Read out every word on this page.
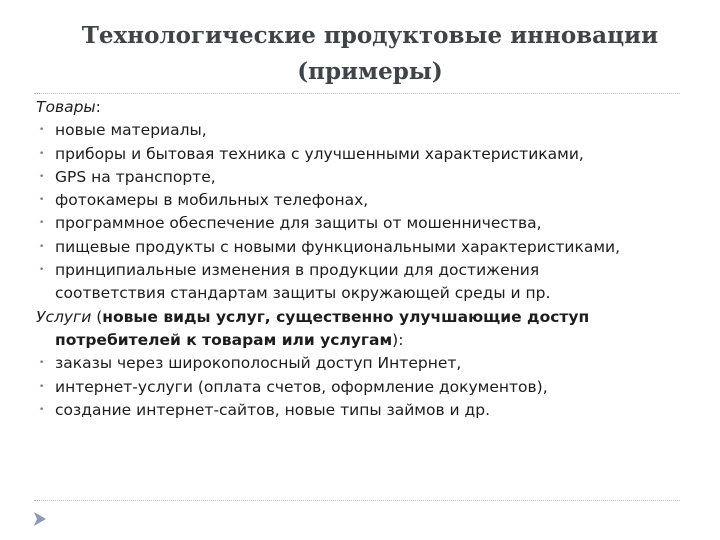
Технологические продуктовые инновации
(примеры)
Товары:
• новые материалы,
• приборы и бытовая техника с улучшенными характеристиками,
• GPS на транспорте,
• фотокамеры в мобильных телефонах,
• программное обеспечение для защиты от мошенничества,
• пищевые продукты с новыми функциональными характеристиками,
• принципиальные изменения в продукции для достижения
соответствия стандартам защиты окружающей среды и пр.
Услуги (новые виды услуг, существенно улучшающие доступ
потребителей к товарам или услугам):
• заказы через широкополосный доступ Интернет,
• интернет-услуги (оплата счетов, оформление документов),
• создание интернет-сайтов, новые типы займов и др.
